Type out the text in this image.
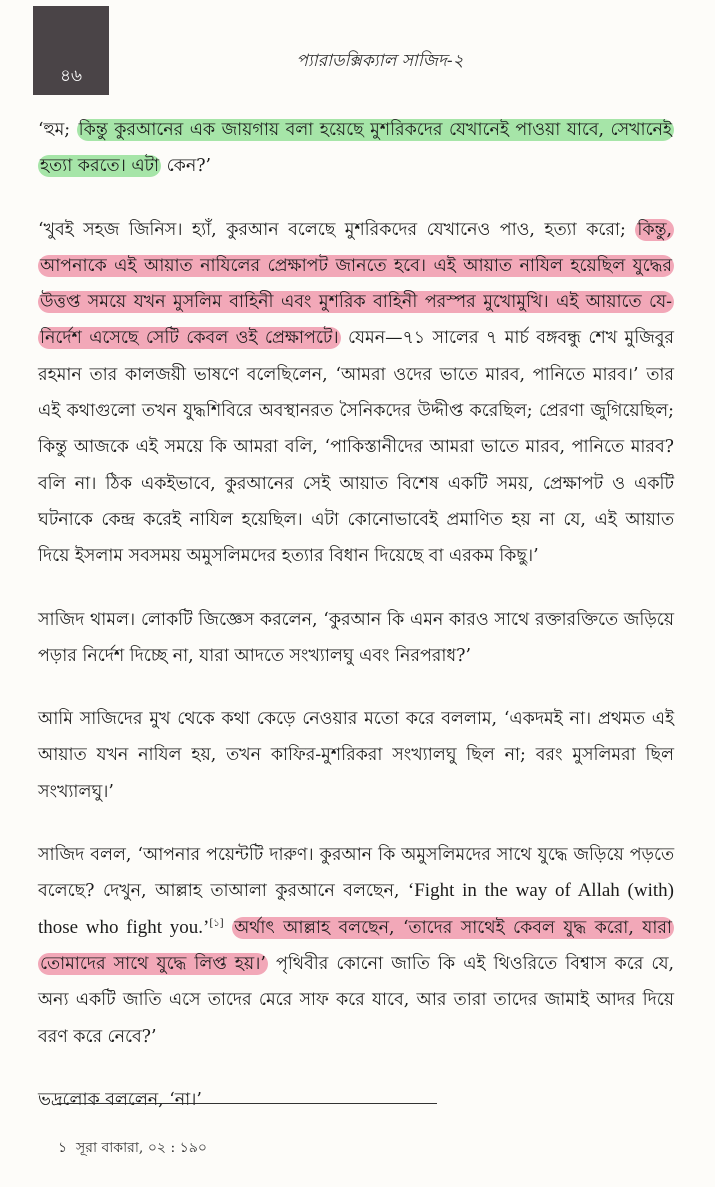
৪৬
প্যারাডক্সিক্যাল সাজিদ-২

‘হুম; কিন্তু কুরআনের এক জায়গায় বলা হয়েছে মুশরিকদের যেখানেই পাওয়া যাবে, সেখানেই হত্যা করতে। এটা কেন?’

‘খুবই সহজ জিনিস। হ্যাঁ, কুরআন বলেছে মুশরিকদের যেখানেও পাও, হত্যা করো; কিন্তু, আপনাকে এই আয়াত নাযিলের প্রেক্ষাপট জানতে হবে। এই আয়াত নাযিল হয়েছিল যুদ্ধের উত্তপ্ত সময়ে যখন মুসলিম বাহিনী এবং মুশরিক বাহিনী পরস্পর মুখোমুখি। এই আয়াতে যে-নির্দেশ এসেছে সেটি কেবল ওই প্রেক্ষাপটে। যেমন—৭১ সালের ৭ মার্চ বঙ্গবন্ধু শেখ মুজিবুর রহমান তার কালজয়ী ভাষণে বলেছিলেন, ‘আমরা ওদের ভাতে মারব, পানিতে মারব।’ তার এই কথাগুলো তখন যুদ্ধশিবিরে অবস্থানরত সৈনিকদের উদ্দীপ্ত করেছিল; প্রেরণা জুগিয়েছিল; কিন্তু আজকে এই সময়ে কি আমরা বলি, ‘পাকিস্তানীদের আমরা ভাতে মারব, পানিতে মারব? বলি না। ঠিক একইভাবে, কুরআনের সেই আয়াত বিশেষ একটি সময়, প্রেক্ষাপট ও একটি ঘটনাকে কেন্দ্র করেই নাযিল হয়েছিল। এটা কোনোভাবেই প্রমাণিত হয় না যে, এই আয়াত দিয়ে ইসলাম সবসময় অমুসলিমদের হত্যার বিধান দিয়েছে বা এরকম কিছু।’

সাজিদ থামল। লোকটি জিজ্ঞেস করলেন, ‘কুরআন কি এমন কারও সাথে রক্তারক্তিতে জড়িয়ে পড়ার নির্দেশ দিচ্ছে না, যারা আদতে সংখ্যালঘু এবং নিরপরাধ?’

আমি সাজিদের মুখ থেকে কথা কেড়ে নেওয়ার মতো করে বললাম, ‘একদমই না। প্রথমত এই আয়াত যখন নাযিল হয়, তখন কাফির-মুশরিকরা সংখ্যালঘু ছিল না; বরং মুসলিমরা ছিল সংখ্যালঘু।’

সাজিদ বলল, ‘আপনার পয়েন্টটি দারুণ। কুরআন কি অমুসলিমদের সাথে যুদ্ধে জড়িয়ে পড়তে বলেছে? দেখুন, আল্লাহ তাআলা কুরআনে বলছেন, ‘Fight in the way of Allah (with) those who fight you.’[১] অর্থাৎ আল্লাহ বলছেন, ‘তাদের সাথেই কেবল যুদ্ধ করো, যারা তোমাদের সাথে যুদ্ধে লিপ্ত হয়।’ পৃথিবীর কোনো জাতি কি এই থিওরিতে বিশ্বাস করে যে, অন্য একটি জাতি এসে তাদের মেরে সাফ করে যাবে, আর তারা তাদের জামাই আদর দিয়ে বরণ করে নেবে?’

ভদ্রলোক বললেন, ‘না।’

১ সূরা বাকারা, ০২ : ১৯০
